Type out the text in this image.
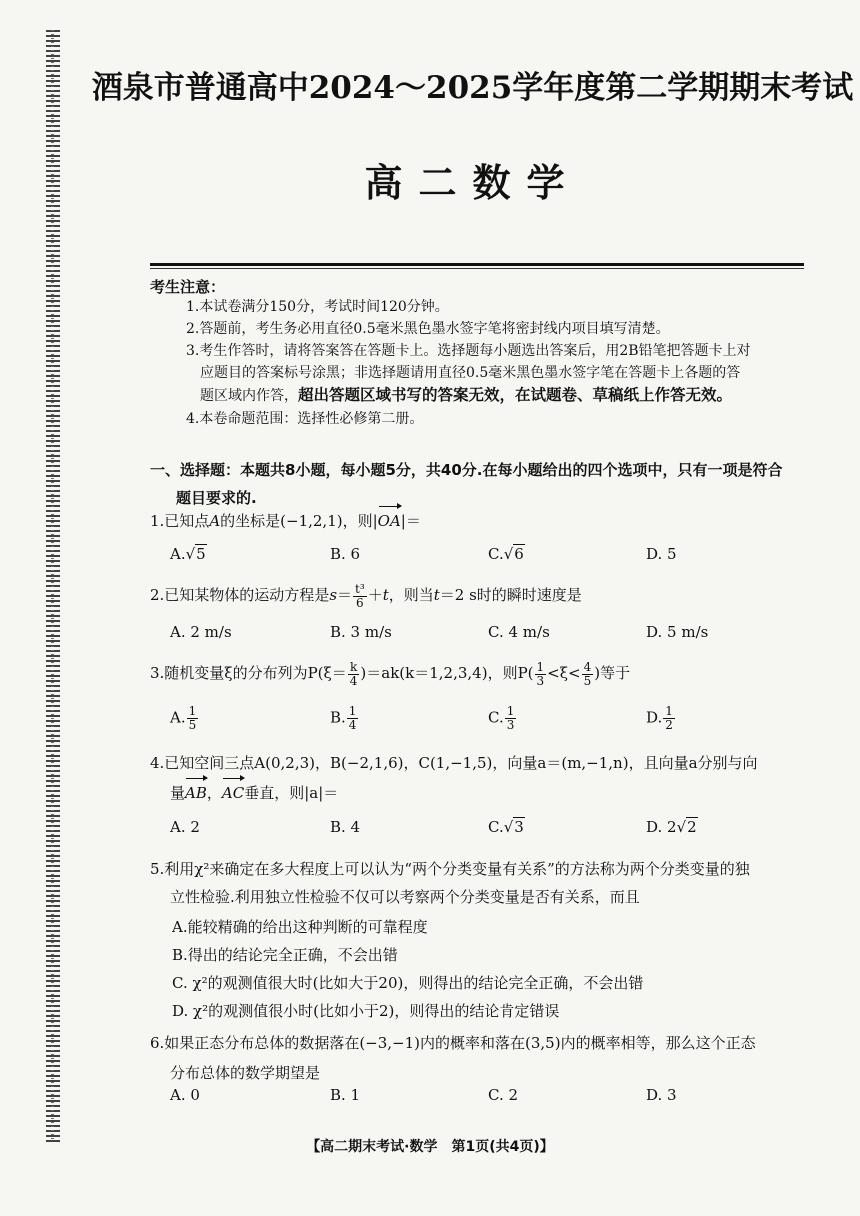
酒泉市普通高中2024～2025学年度第二学期期末考试
高二数学
考生注意：
1.本试卷满分150分，考试时间120分钟。
2.答题前，考生务必用直径0.5毫米黑色墨水签字笔将密封线内项目填写清楚。
3.考生作答时，请将答案答在答题卡上。选择题每小题选出答案后，用2B铅笔把答题卡上对
应题目的答案标号涂黑；非选择题请用直径0.5毫米黑色墨水签字笔在答题卡上各题的答
题区域内作答，超出答题区域书写的答案无效，在试题卷、草稿纸上作答无效。
4.本卷命题范围：选择性必修第二册。
一、选择题：本题共8小题，每小题5分，共40分.在每小题给出的四个选项中，只有一项是符合
题目要求的.
1.已知点A的坐标是(−1,2,1)，则|OA|＝
A.√5	B. 6	C.√6	D. 5
2.已知某物体的运动方程是$s= \frac{\text{t³}}{6} +t$，则当t＝2 s时的瞬时速度是
A. 2 m/s	B. 3 m/s	C. 4 m/s	D. 5 m/s
3.随机变量ξ的分布列为$P(\xi= \frac{k}{4} )=ak(k=1,2,3,4)$，则$P( \frac{1}{3} <\xi< \frac{4}{5}$ )等于
A. $\frac{1}{5}$	B. $\frac{1}{4}$	C. $\frac{1}{3}$	D. $\frac{1}{2}$
4.已知空间三点A(0,2,3)，B(−2,1,6)，C(1,−1,5)，向量a＝(m,−1,n)，且向量a分别与向
量AB，AC垂直，则|a|＝
A. 2	B. 4	C.√3	D. 2√2
5.利用χ²来确定在多大程度上可以认为“两个分类变量有关系”的方法称为两个分类变量的独
立性检验.利用独立性检验不仅可以考察两个分类变量是否有关系，而且
A.能较精确的给出这种判断的可靠程度
B.得出的结论完全正确，不会出错
C. χ²的观测值很大时(比如大于20)，则得出的结论完全正确，不会出错
D. χ²的观测值很小时(比如小于2)，则得出的结论肯定错误
6.如果正态分布总体的数据落在(−3,−1)内的概率和落在(3,5)内的概率相等，那么这个正态
分布总体的数学期望是
A. 0	B. 1	C. 2	D. 3
【高二期末考试·数学　第1页(共4页)】
